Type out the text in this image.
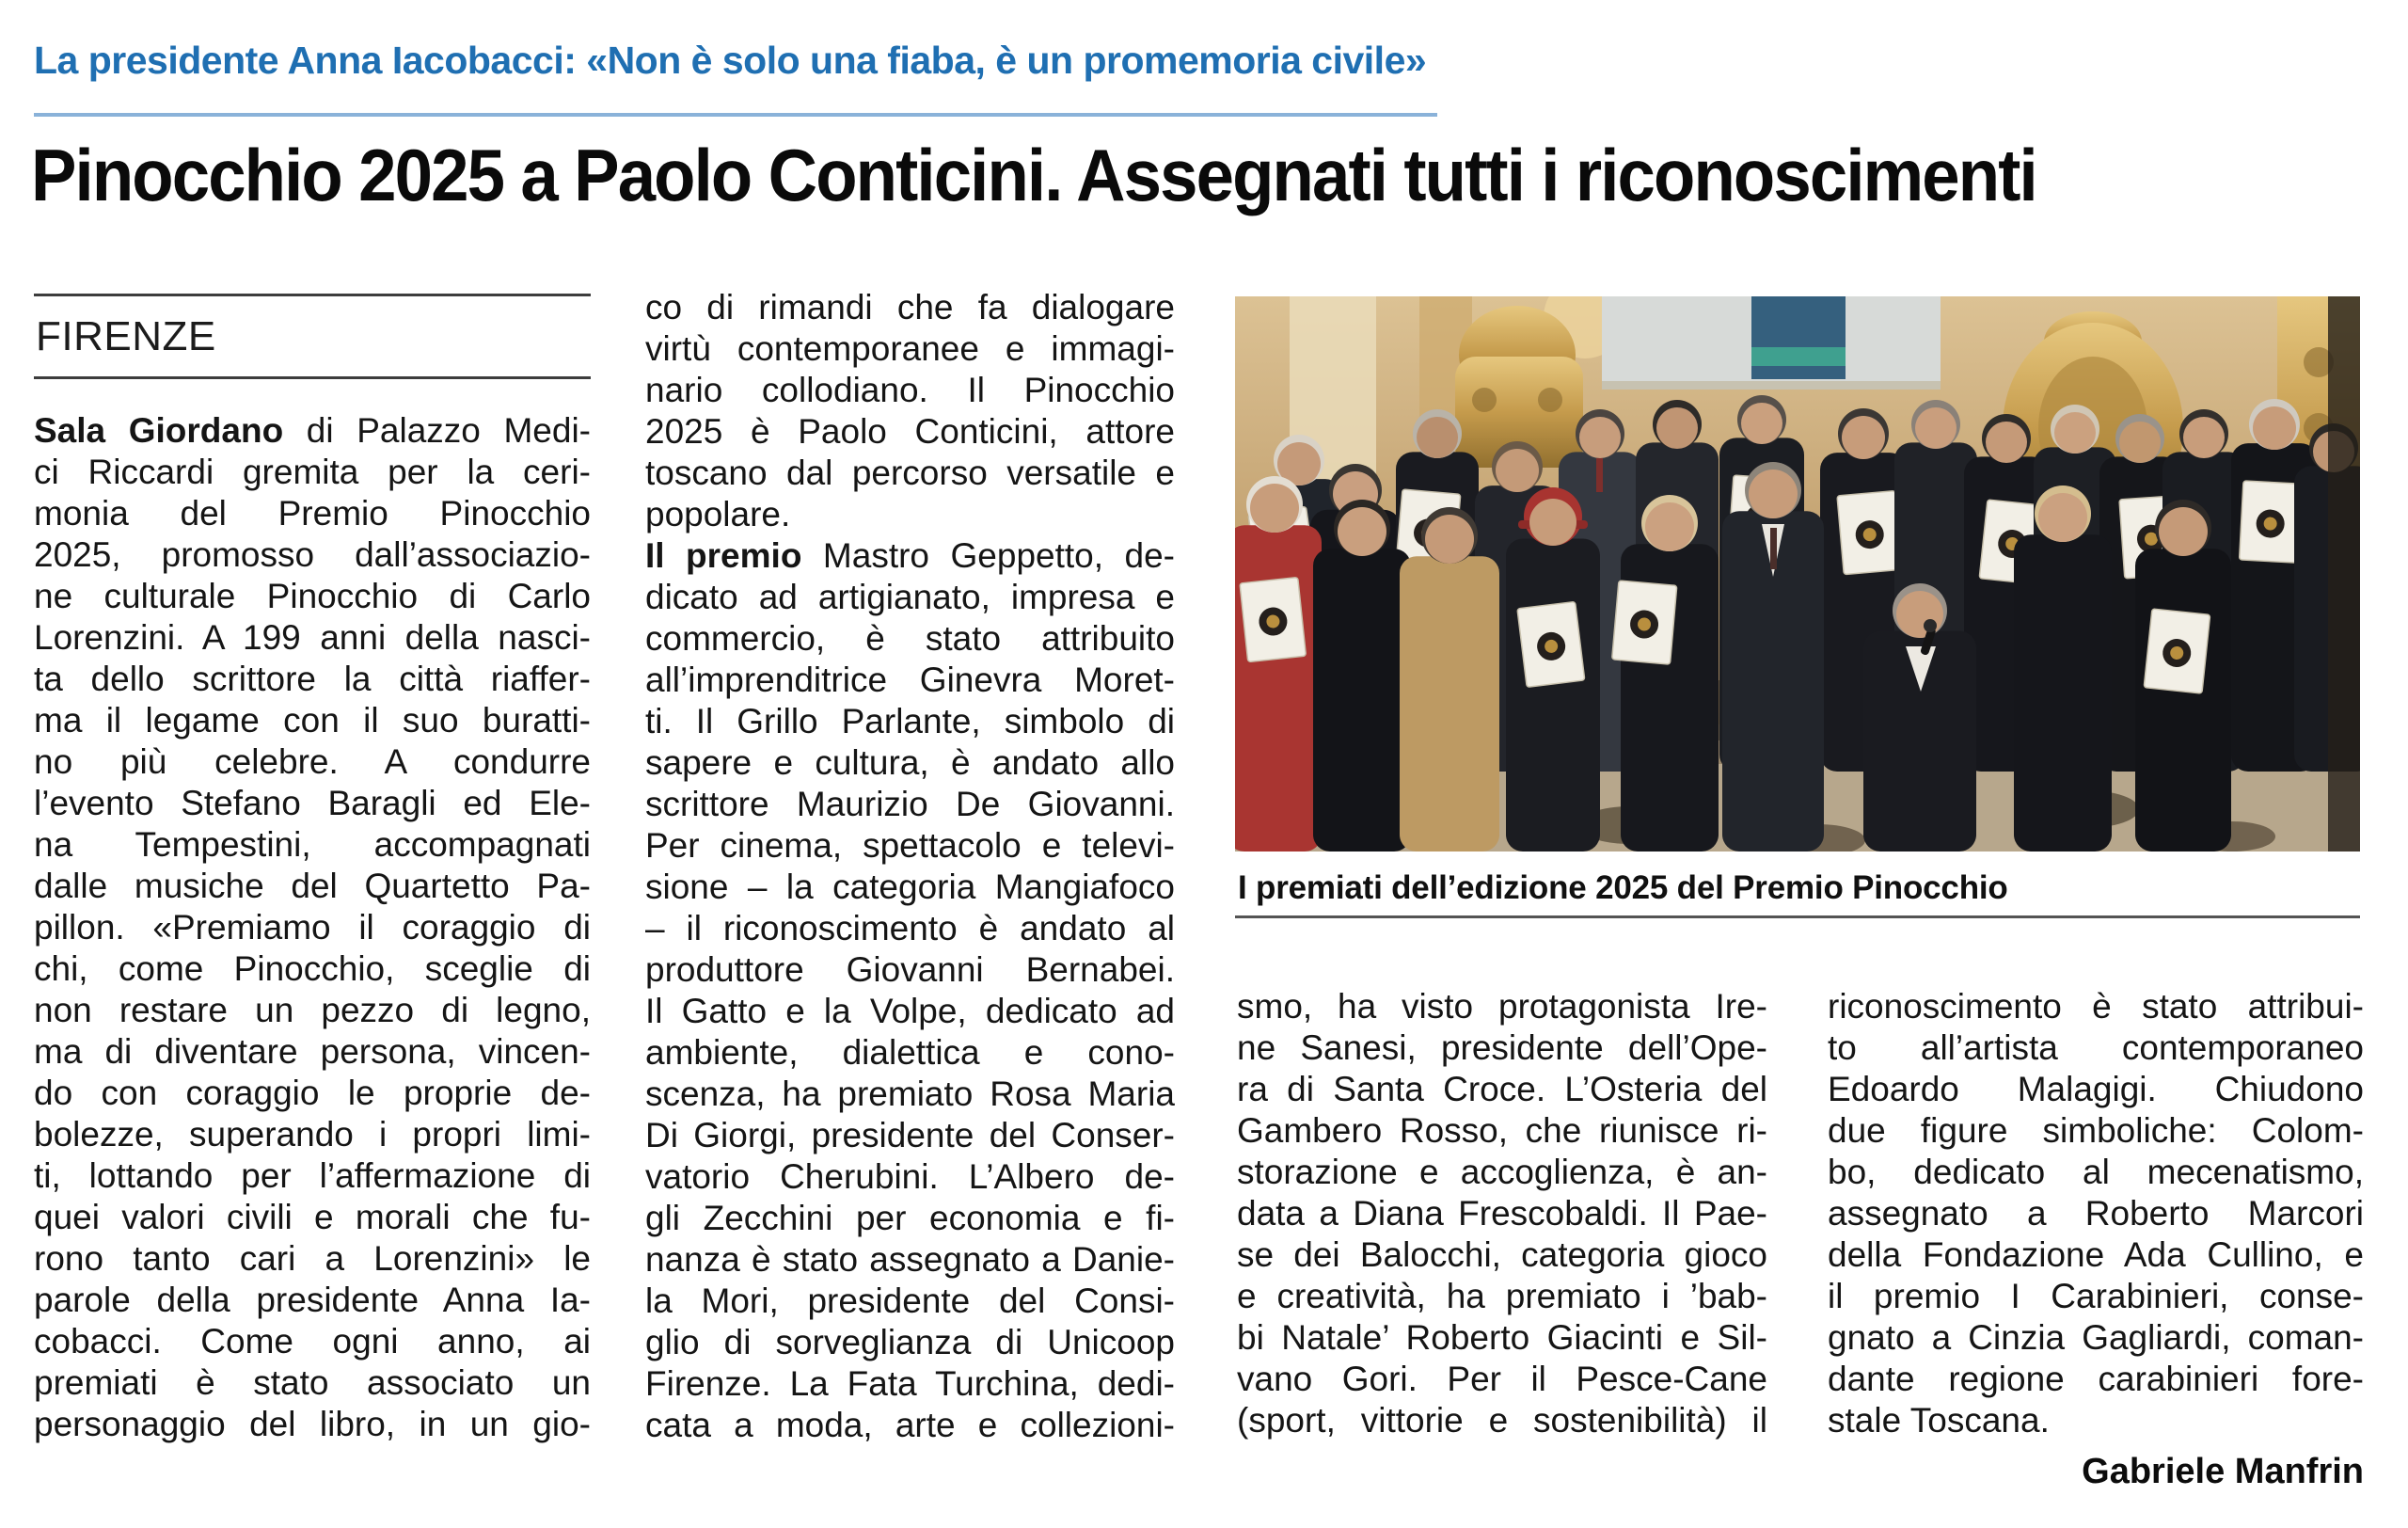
La presidente Anna Iacobacci: «Non è solo una fiaba, è un promemoria civile»
Pinocchio 2025 a Paolo Conticini. Assegnati tutti i riconoscimenti
FIRENZE
Sala Giordano di Palazzo Medi-
ci Riccardi gremita per la ceri-
monia del Premio Pinocchio
2025, promosso dall’associazio-
ne culturale Pinocchio di Carlo
Lorenzini. A 199 anni della nasci-
ta dello scrittore la città riaffer-
ma il legame con il suo buratti-
no più celebre. A condurre
l’evento Stefano Baragli ed Ele-
na Tempestini, accompagnati
dalle musiche del Quartetto Pa-
pillon. «Premiamo il coraggio di
chi, come Pinocchio, sceglie di
non restare un pezzo di legno,
ma di diventare persona, vincen-
do con coraggio le proprie de-
bolezze, superando i propri limi-
ti, lottando per l’affermazione di
quei valori civili e morali che fu-
rono tanto cari a Lorenzini» le
parole della presidente Anna Ia-
cobacci. Come ogni anno, ai
premiati è stato associato un
personaggio del libro, in un gio-
co di rimandi che fa dialogare
virtù contemporanee e immagi-
nario collodiano. Il Pinocchio
2025 è Paolo Conticini, attore
toscano dal percorso versatile e
popolare.
Il premio Mastro Geppetto, de-
dicato ad artigianato, impresa e
commercio, è stato attribuito
all’imprenditrice Ginevra Moret-
ti. Il Grillo Parlante, simbolo di
sapere e cultura, è andato allo
scrittore Maurizio De Giovanni.
Per cinema, spettacolo e televi-
sione – la categoria Mangiafoco
– il riconoscimento è andato al
produttore Giovanni Bernabei.
Il Gatto e la Volpe, dedicato ad
ambiente, dialettica e cono-
scenza, ha premiato Rosa Maria
Di Giorgi, presidente del Conser-
vatorio Cherubini. L’Albero de-
gli Zecchini per economia e fi-
nanza è stato assegnato a Danie-
la Mori, presidente del Consi-
glio di sorveglianza di Unicoop
Firenze. La Fata Turchina, dedi-
cata a moda, arte e collezioni-
I premiati dell’edizione 2025 del Premio Pinocchio
smo, ha visto protagonista Ire-
ne Sanesi, presidente dell’Ope-
ra di Santa Croce. L’Osteria del
Gambero Rosso, che riunisce ri-
storazione e accoglienza, è an-
data a Diana Frescobaldi. Il Pae-
se dei Balocchi, categoria gioco
e creatività, ha premiato i ’bab-
bi Natale’ Roberto Giacinti e Sil-
vano Gori. Per il Pesce-Cane
(sport, vittorie e sostenibilità) il
riconoscimento è stato attribui-
to all’artista contemporaneo
Edoardo Malagigi. Chiudono
due figure simboliche: Colom-
bo, dedicato al mecenatismo,
assegnato a Roberto Marcori
della Fondazione Ada Cullino, e
il premio I Carabinieri, conse-
gnato a Cinzia Gagliardi, coman-
dante regione carabinieri fore-
stale Toscana.
Gabriele Manfrin
